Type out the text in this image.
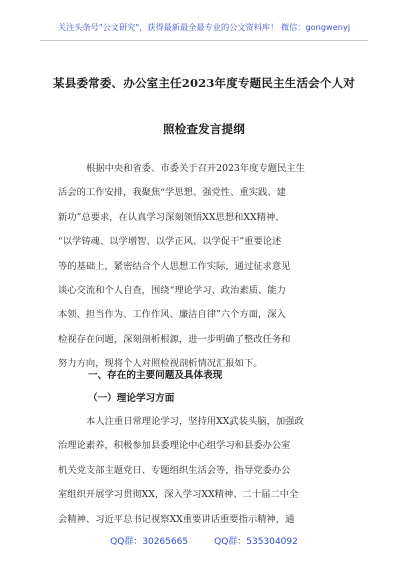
关注头条号"公文研究"，获得最新最全最专业的公文资料库！ 微信：gongwenyj
某县委常委、办公室主任2023年度专题民主生活会个人对
照检查发言提纲
根据中央和省委、市委关于召开2023年度专题民主生
活会的工作安排，我聚焦“学思想、强党性、重实践、建
新功”总要求，在认真学习深刻领悟XX思想和XX精神、
“以学铸魂、以学增智、以学正风、以学促干”重要论述
等的基础上，紧密结合个人思想工作实际，通过征求意见
谈心交流和个人自查，围绕“理论学习、政治素质、能力
本领、担当作为、工作作风、廉洁自律”六个方面，深入
检视存在问题，深刻剖析根源，进一步明确了整改任务和
努力方向，现将个人对照检视剖析情况汇报如下。
一、存在的主要问题及具体表现
（一）理论学习方面
本人注重日常理论学习，坚持用XX武装头脑，加强政
治理论素养，积极参加县委理论中心组学习和县委办公室
机关党支部主题党日、专题组织生活会等，指导党委办公
室组织开展学习贯彻XX，深入学习XX精神、二十届二中全
会精神、习近平总书记视察XX重要讲话重要指示精神，通
QQ群：30265665	QQ群：535304092
